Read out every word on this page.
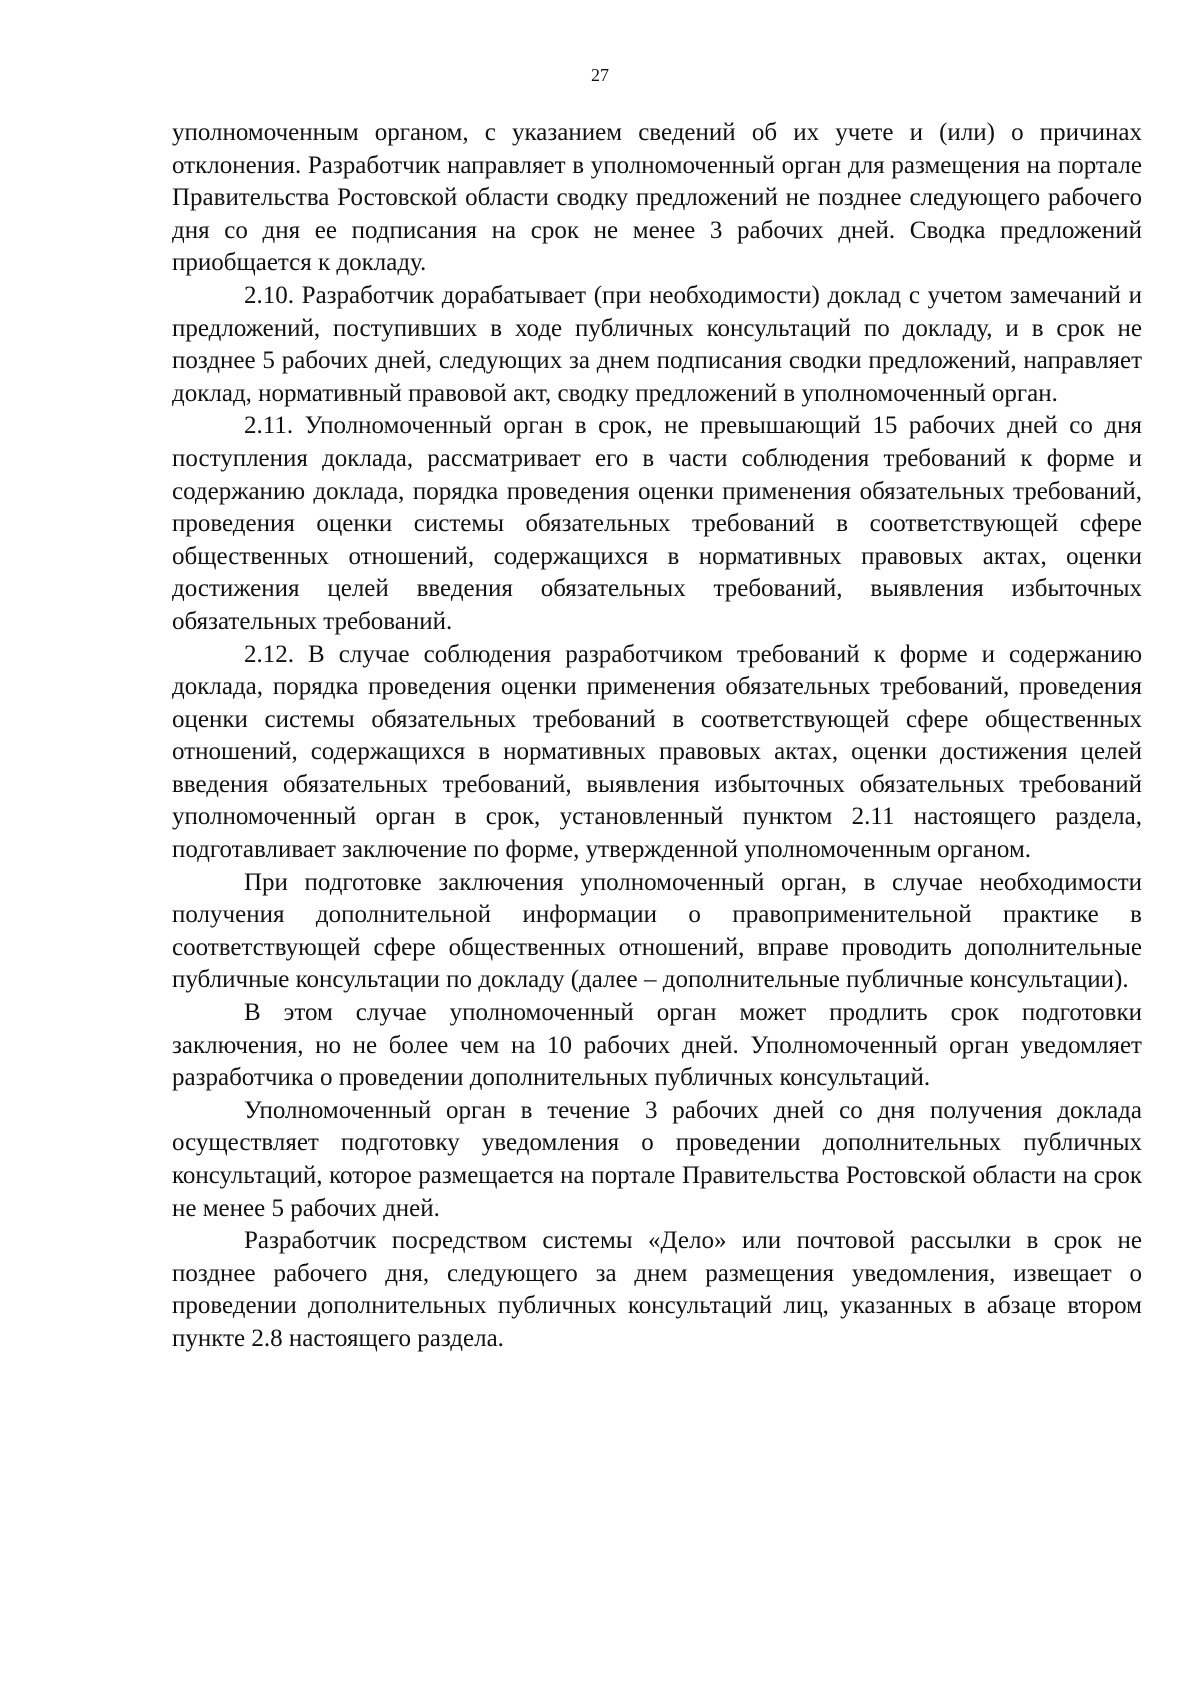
27

уполномоченным органом, с указанием сведений об их учете и (или) о причинах отклонения. Разработчик направляет в уполномоченный орган для размещения на портале Правительства Ростовской области сводку предложений не позднее следующего рабочего дня со дня ее подписания на срок не менее 3 рабочих дней. Сводка предложений приобщается к докладу.

2.10. Разработчик дорабатывает (при необходимости) доклад с учетом замечаний и предложений, поступивших в ходе публичных консультаций по докладу, и в срок не позднее 5 рабочих дней, следующих за днем подписания сводки предложений, направляет доклад, нормативный правовой акт, сводку предложений в уполномоченный орган.

2.11. Уполномоченный орган в срок, не превышающий 15 рабочих дней со дня поступления доклада, рассматривает его в части соблюдения требований к форме и содержанию доклада, порядка проведения оценки применения обязательных требований, проведения оценки системы обязательных требований в соответствующей сфере общественных отношений, содержащихся в нормативных правовых актах, оценки достижения целей введения обязательных требований, выявления избыточных обязательных требований.

2.12. В случае соблюдения разработчиком требований к форме и содержанию доклада, порядка проведения оценки применения обязательных требований, проведения оценки системы обязательных требований в соответствующей сфере общественных отношений, содержащихся в нормативных правовых актах, оценки достижения целей введения обязательных требований, выявления избыточных обязательных требований уполномоченный орган в срок, установленный пунктом 2.11 настоящего раздела, подготавливает заключение по форме, утвержденной уполномоченным органом.

При подготовке заключения уполномоченный орган, в случае необходимости получения дополнительной информации о правоприменительной практике в соответствующей сфере общественных отношений, вправе проводить дополнительные публичные консультации по докладу (далее – дополнительные публичные консультации).

В этом случае уполномоченный орган может продлить срок подготовки заключения, но не более чем на 10 рабочих дней. Уполномоченный орган уведомляет разработчика о проведении дополнительных публичных консультаций.

Уполномоченный орган в течение 3 рабочих дней со дня получения доклада осуществляет подготовку уведомления о проведении дополнительных публичных консультаций, которое размещается на портале Правительства Ростовской области на срок не менее 5 рабочих дней.

Разработчик посредством системы «Дело» или почтовой рассылки в срок не позднее рабочего дня, следующего за днем размещения уведомления, извещает о проведении дополнительных публичных консультаций лиц, указанных в абзаце втором пункте 2.8 настоящего раздела.
